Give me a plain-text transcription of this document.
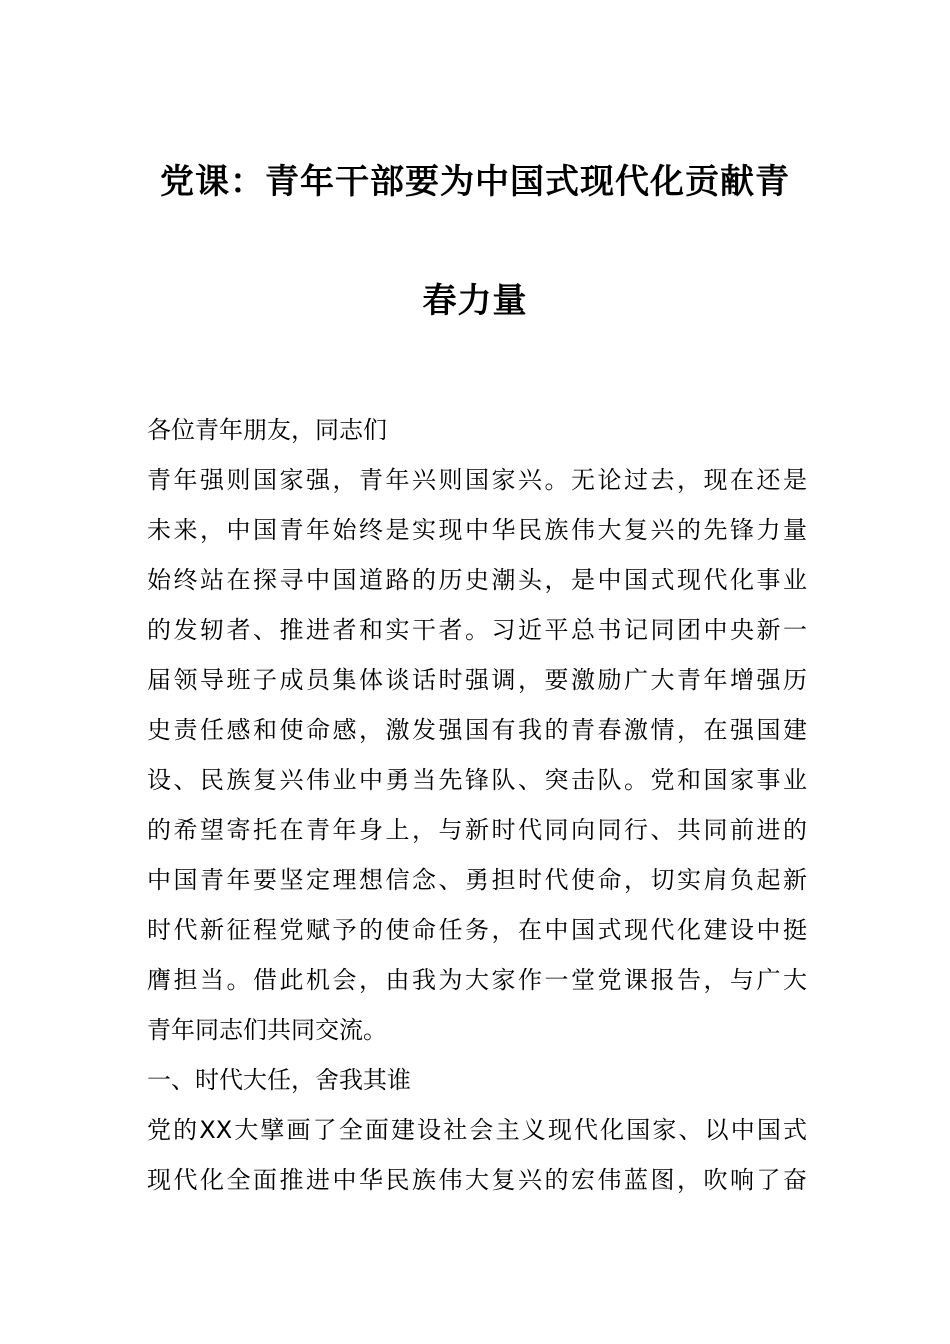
党课：青年干部要为中国式现代化贡献青
春力量
各位青年朋友，同志们
青年强则国家强，青年兴则国家兴。无论过去，现在还是
未来，中国青年始终是实现中华民族伟大复兴的先锋力量
始终站在探寻中国道路的历史潮头，是中国式现代化事业
的发轫者、推进者和实干者。习近平总书记同团中央新一
届领导班子成员集体谈话时强调，要激励广大青年增强历
史责任感和使命感，激发强国有我的青春激情，在强国建
设、民族复兴伟业中勇当先锋队、突击队。党和国家事业
的希望寄托在青年身上，与新时代同向同行、共同前进的
中国青年要坚定理想信念、勇担时代使命，切实肩负起新
时代新征程党赋予的使命任务，在中国式现代化建设中挺
膺担当。借此机会，由我为大家作一堂党课报告，与广大
青年同志们共同交流。
一、时代大任，舍我其谁
党的XX大擘画了全面建设社会主义现代化国家、以中国式
现代化全面推进中华民族伟大复兴的宏伟蓝图，吹响了奋
